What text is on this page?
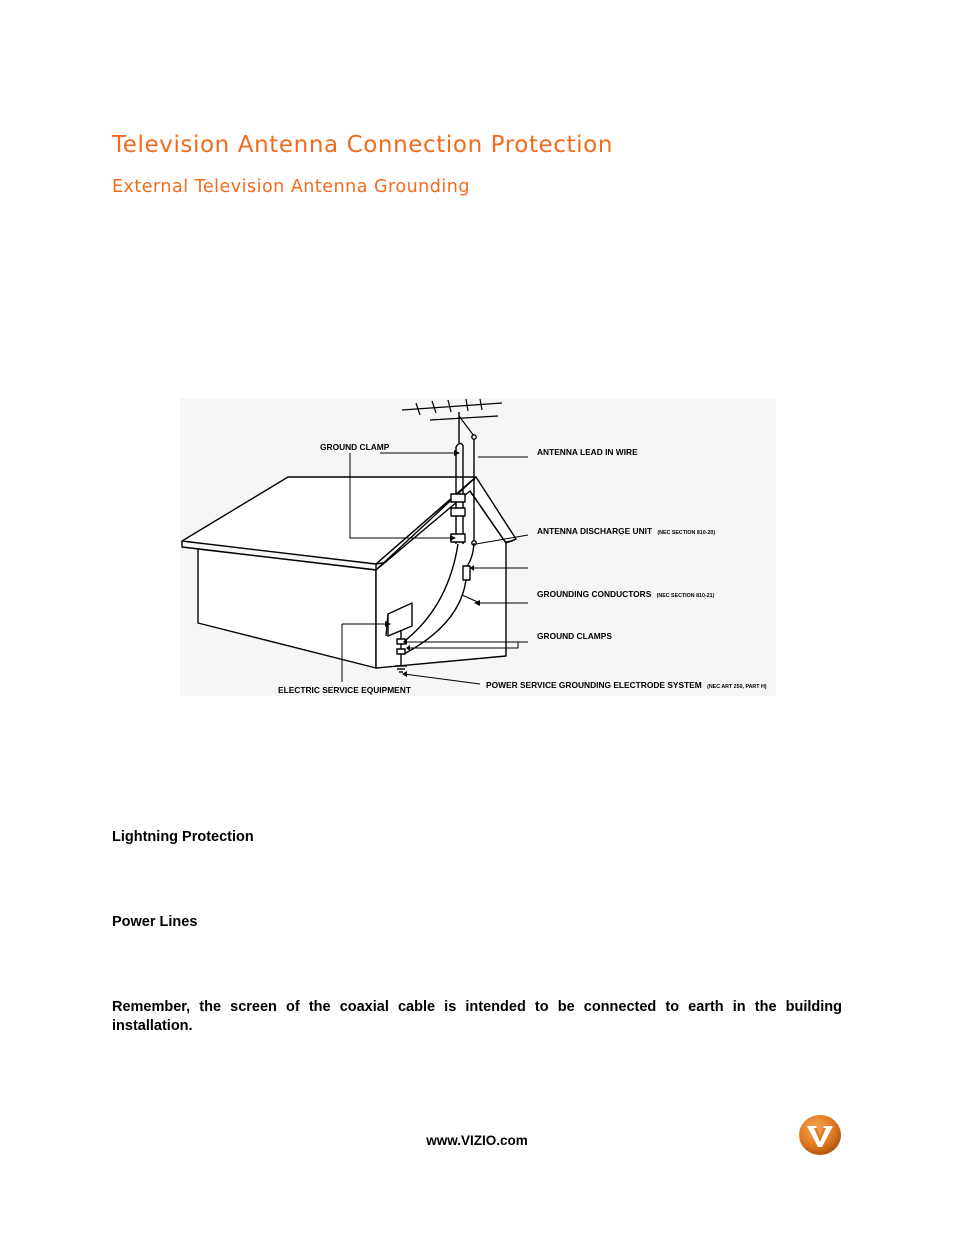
Television Antenna Connection Protection
External Television Antenna Grounding
GROUND CLAMP	ANTENNA LEAD IN WIRE
ANTENNA DISCHARGE UNIT (NEC SECTION 810-20)
GROUNDING CONDUCTORS (NEC SECTION 810-21)
GROUND CLAMPS
POWER SERVICE GROUNDING ELECTRODE SYSTEM (NEC ART 250, PART H)
ELECTRIC SERVICE EQUIPMENT

Lightning Protection

Power Lines

Remember, the screen of the coaxial cable is intended to be connected to earth in the building installation.

www.VIZIO.com
